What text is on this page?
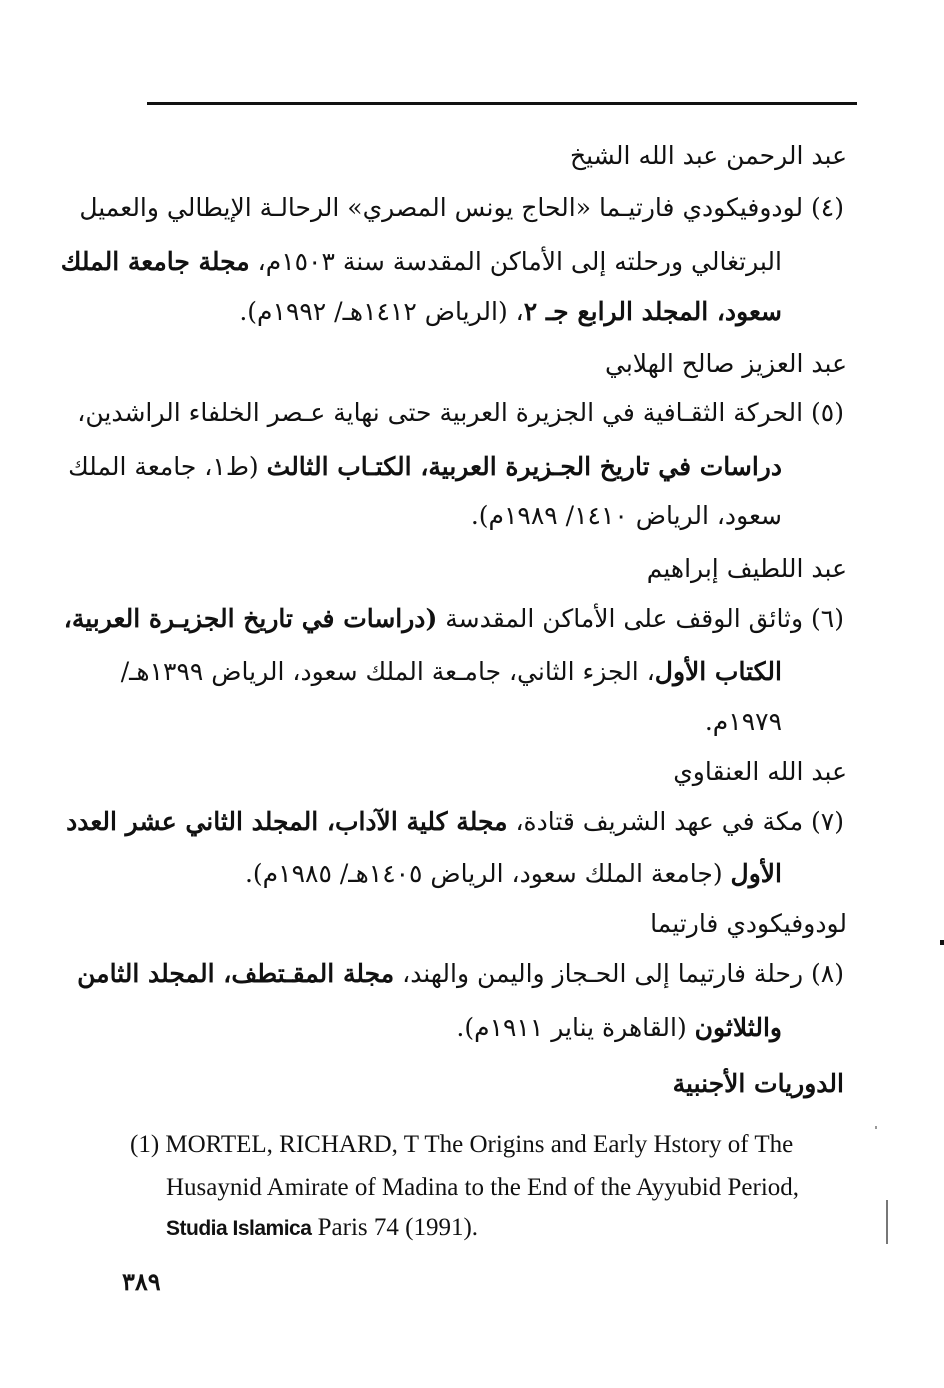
عبد الرحمن عبد الله الشيخ
(٤) لودوفيكودي فارتيـما «الحاج يونس المصري» الرحالـة الإيطالي والعميل
البرتغالي ورحلته إلى الأماكن المقدسة سنة ١٥٠٣م، مجلة جامعة الملك
سعود، المجلد الرابع جـ ٢، (الرياض ١٤١٢هـ/ ١٩٩٢م).
عبد العزيز صالح الهلابي
(٥) الحركة الثقـافية في الجزيرة العربية حتى نهاية عـصر الخلفاء الراشدين،
دراسات في تاريخ الجـزيرة العربية، الكتـاب الثالث (ط١، جامعة الملك
سعود، الرياض ١٤١٠/ ١٩٨٩م).
عبد اللطيف إبراهيم
(٦) وثائق الوقف على الأماكن المقدسة (دراسات في تاريخ الجزيـرة العربية،
الكتاب الأول، الجزء الثاني، جامـعة الملك سعود، الرياض ١٣٩٩هـ/
١٩٧٩م.
عبد الله العنقاوي
(٧) مكة في عهد الشريف قتادة، مجلة كلية الآداب، المجلد الثاني عشر العدد
الأول (جامعة الملك سعود، الرياض ١٤٠٥هـ/ ١٩٨٥م).
لودوفيكودي فارتيما
(٨) رحلة فارتيما إلى الحـجاز واليمن والهند، مجلة المقـتطف، المجلد الثامن
والثلاثون (القاهرة يناير ١٩١١م).
الدوريات الأجنبية
(1) MORTEL, RICHARD, T The Origins and Early Hstory of The
Husaynid Amirate of Madina to the End of the Ayyubid Period,
Studia Islamica Paris 74 (1991).
٣٨٩
